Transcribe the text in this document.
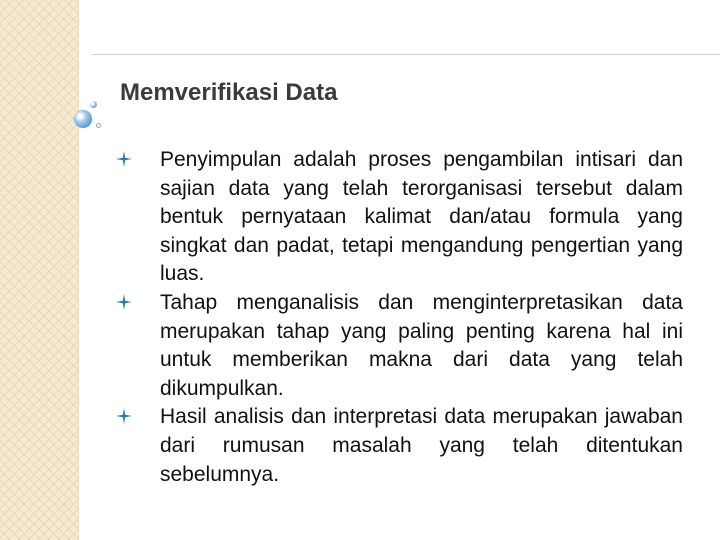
Memverifikasi Data

Penyimpulan adalah proses pengambilan intisari dan sajian data yang telah terorganisasi tersebut dalam bentuk pernyataan kalimat dan/atau formula yang singkat dan padat, tetapi mengandung pengertian yang luas.

Tahap menganalisis dan menginterpretasikan data merupakan tahap yang paling penting karena hal ini untuk memberikan makna dari data yang telah dikumpulkan.

Hasil analisis dan interpretasi data merupakan jawaban dari rumusan masalah yang telah ditentukan sebelumnya.
